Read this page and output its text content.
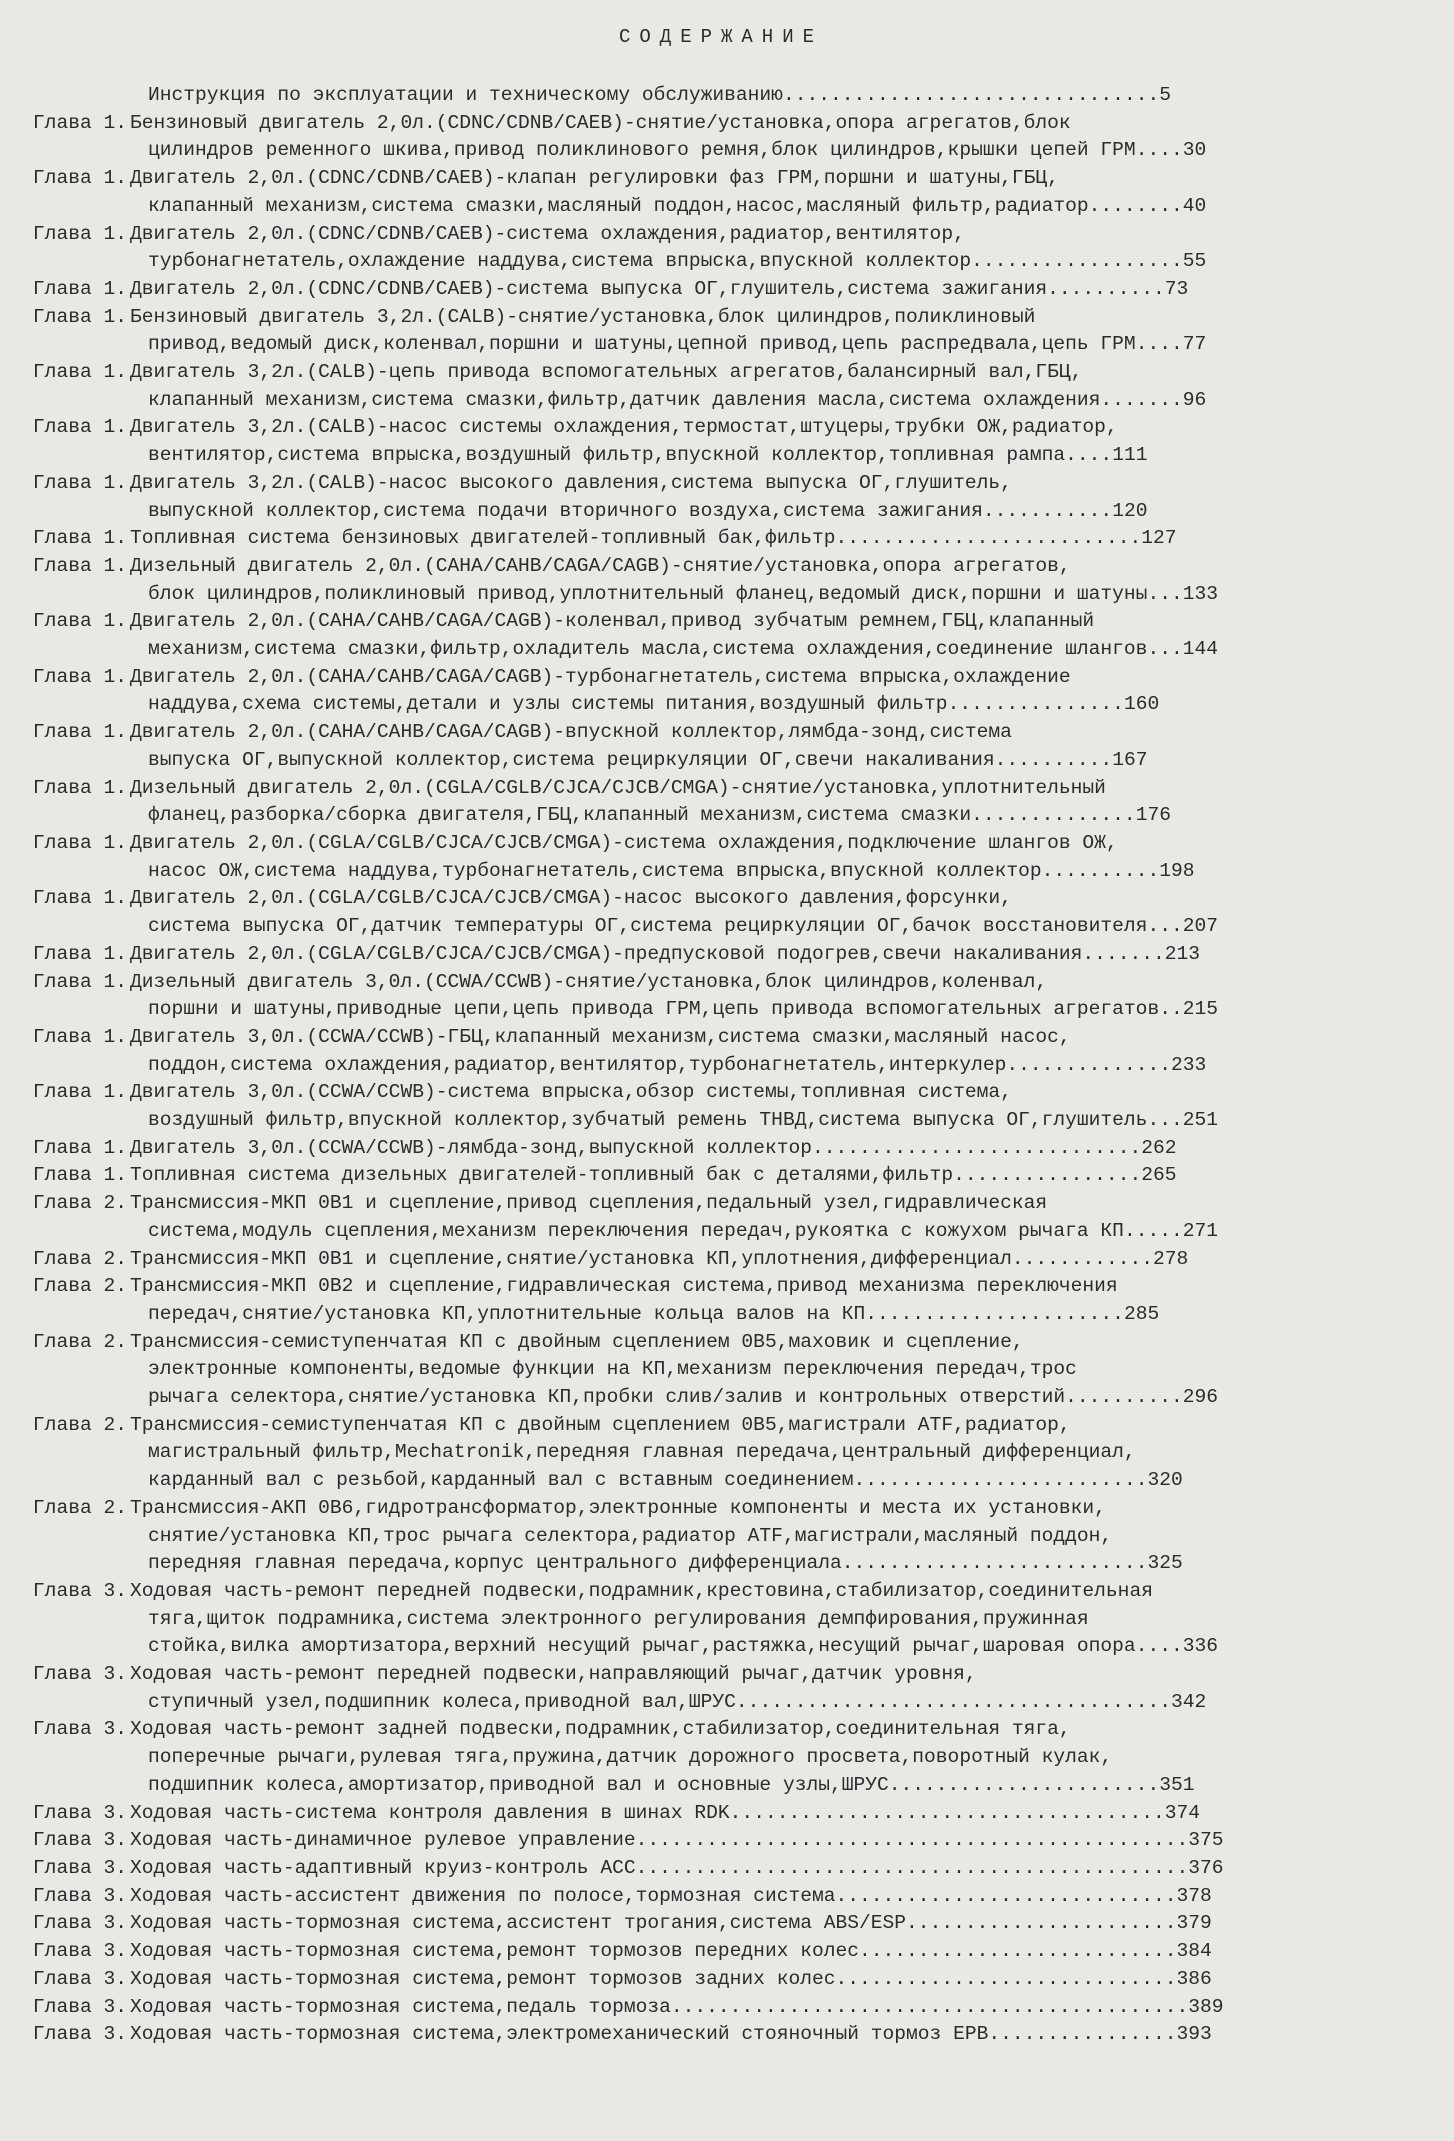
СОДЕРЖАНИЕ
Инструкция по эксплуатации и техническому обслуживанию ................................ 5
Глава 1. Бензиновый двигатель 2,0л.(CDNC/CDNB/CAEB)-снятие/установка,опора агрегатов,блок
цилиндров ременного шкива,привод поликлинового ремня,блок цилиндров,крышки цепей ГРМ .... 30
Глава 1. Двигатель 2,0л.(CDNC/CDNB/CAEB)-клапан регулировки фаз ГРМ,поршни и шатуны,ГБЦ,
клапанный механизм,система смазки,масляный поддон,насос,масляный фильтр,радиатор ........ 40
Глава 1. Двигатель 2,0л.(CDNC/CDNB/CAEB)-система охлаждения,радиатор,вентилятор,
турбонагнетатель,охлаждение наддува,система впрыска,впускной коллектор .................. 55
Глава 1. Двигатель 2,0л.(CDNC/CDNB/CAEB)-система выпуска ОГ,глушитель,система зажигания .......... 73
Глава 1. Бензиновый двигатель 3,2л.(CALB)-снятие/установка,блок цилиндров,поликлиновый
привод,ведомый диск,коленвал,поршни и шатуны,цепной привод,цепь распредвала,цепь ГРМ .... 77
Глава 1. Двигатель 3,2л.(CALB)-цепь привода вспомогательных агрегатов,балансирный вал,ГБЦ,
клапанный механизм,система смазки,фильтр,датчик давления масла,система охлаждения ....... 96
Глава 1. Двигатель 3,2л.(CALB)-насос системы охлаждения,термостат,штуцеры,трубки ОЖ,радиатор,
вентилятор,система впрыска,воздушный фильтр,впускной коллектор,топливная рампа .... 111
Глава 1. Двигатель 3,2л.(CALB)-насос высокого давления,система выпуска ОГ,глушитель,
выпускной коллектор,система подачи вторичного воздуха,система зажигания ........... 120
Глава 1. Топливная система бензиновых двигателей-топливный бак,фильтр .......................... 127
Глава 1. Дизельный двигатель 2,0л.(CAHA/CAHB/CAGA/CAGB)-снятие/установка,опора агрегатов,
блок цилиндров,поликлиновый привод,уплотнительный фланец,ведомый диск,поршни и шатуны ... 133
Глава 1. Двигатель 2,0л.(CAHA/CAHB/CAGA/CAGB)-коленвал,привод зубчатым ремнем,ГБЦ,клапанный
механизм,система смазки,фильтр,охладитель масла,система охлаждения,соединение шлангов ... 144
Глава 1. Двигатель 2,0л.(CAHA/CAHB/CAGA/CAGB)-турбонагнетатель,система впрыска,охлаждение
наддува,схема системы,детали и узлы системы питания,воздушный фильтр ............... 160
Глава 1. Двигатель 2,0л.(CAHA/CAHB/CAGA/CAGB)-впускной коллектор,лямбда-зонд,система
выпуска ОГ,выпускной коллектор,система рециркуляции ОГ,свечи накаливания .......... 167
Глава 1. Дизельный двигатель 2,0л.(CGLA/CGLB/CJCA/CJCB/CMGA)-снятие/установка,уплотнительный
фланец,разборка/сборка двигателя,ГБЦ,клапанный механизм,система смазки .............. 176
Глава 1. Двигатель 2,0л.(CGLA/CGLB/CJCA/CJCB/CMGA)-система охлаждения,подключение шлангов ОЖ,
насос ОЖ,система наддува,турбонагнетатель,система впрыска,впускной коллектор .......... 198
Глава 1. Двигатель 2,0л.(CGLA/CGLB/CJCA/CJCB/CMGA)-насос высокого давления,форсунки,
система выпуска ОГ,датчик температуры ОГ,система рециркуляции ОГ,бачок восстановителя ... 207
Глава 1. Двигатель 2,0л.(CGLA/CGLB/CJCA/CJCB/CMGA)-предпусковой подогрев,свечи накаливания ....... 213
Глава 1. Дизельный двигатель 3,0л.(CCWA/CCWB)-снятие/установка,блок цилиндров,коленвал,
поршни и шатуны,приводные цепи,цепь привода ГРМ,цепь привода вспомогательных агрегатов .. 215
Глава 1. Двигатель 3,0л.(CCWA/CCWB)-ГБЦ,клапанный механизм,система смазки,масляный насос,
поддон,система охлаждения,радиатор,вентилятор,турбонагнетатель,интеркулер .............. 233
Глава 1. Двигатель 3,0л.(CCWA/CCWB)-система впрыска,обзор системы,топливная система,
воздушный фильтр,впускной коллектор,зубчатый ремень ТНВД,система выпуска ОГ,глушитель ... 251
Глава 1. Двигатель 3,0л.(CCWA/CCWB)-лямбда-зонд,выпускной коллектор ............................ 262
Глава 1. Топливная система дизельных двигателей-топливный бак с деталями,фильтр ................ 265
Глава 2. Трансмиссия-МКП 0B1 и сцепление,привод сцепления,педальный узел,гидравлическая
система,модуль сцепления,механизм переключения передач,рукоятка с кожухом рычага КП ..... 271
Глава 2. Трансмиссия-МКП 0B1 и сцепление,снятие/установка КП,уплотнения,дифференциал ............ 278
Глава 2. Трансмиссия-МКП 0B2 и сцепление,гидравлическая система,привод механизма переключения
передач,снятие/установка КП,уплотнительные кольца валов на КП ...................... 285
Глава 2. Трансмиссия-семиступенчатая КП с двойным сцеплением 0B5,маховик и сцепление,
электронные компоненты,ведомые функции на КП,механизм переключения передач,трос
рычага селектора,снятие/установка КП,пробки слив/залив и контрольных отверстий .......... 296
Глава 2. Трансмиссия-семиступенчатая КП с двойным сцеплением 0B5,магистрали ATF,радиатор,
магистральный фильтр,Mechatronik,передняя главная передача,центральный дифференциал,
карданный вал с резьбой,карданный вал с вставным соединением ......................... 320
Глава 2. Трансмиссия-АКП 0B6,гидротрансформатор,электронные компоненты и места их установки,
снятие/установка КП,трос рычага селектора,радиатор ATF,магистрали,масляный поддон,
передняя главная передача,корпус центрального дифференциала .......................... 325
Глава 3. Ходовая часть-ремонт передней подвески,подрамник,крестовина,стабилизатор,соединительная
тяга,щиток подрамника,система электронного регулирования демпфирования,пружинная
стойка,вилка амортизатора,верхний несущий рычаг,растяжка,несущий рычаг,шаровая опора .... 336
Глава 3. Ходовая часть-ремонт передней подвески,направляющий рычаг,датчик уровня,
ступичный узел,подшипник колеса,приводной вал,ШРУС ..................................... 342
Глава 3. Ходовая часть-ремонт задней подвески,подрамник,стабилизатор,соединительная тяга,
поперечные рычаги,рулевая тяга,пружина,датчик дорожного просвета,поворотный кулак,
подшипник колеса,амортизатор,приводной вал и основные узлы,ШРУС ....................... 351
Глава 3. Ходовая часть-система контроля давления в шинах RDK ..................................... 374
Глава 3. Ходовая часть-динамичное рулевое управление ............................................... 375
Глава 3. Ходовая часть-адаптивный круиз-контроль АСС ............................................... 376
Глава 3. Ходовая часть-ассистент движения по полосе,тормозная система ............................. 378
Глава 3. Ходовая часть-тормозная система,ассистент трогания,система ABS/ESP ....................... 379
Глава 3. Ходовая часть-тормозная система,ремонт тормозов передних колес ........................... 384
Глава 3. Ходовая часть-тормозная система,ремонт тормозов задних колес ............................. 386
Глава 3. Ходовая часть-тормозная система,педаль тормоза ............................................ 389
Глава 3. Ходовая часть-тормозная система,электромеханический стояночный тормоз EPB ................ 393
